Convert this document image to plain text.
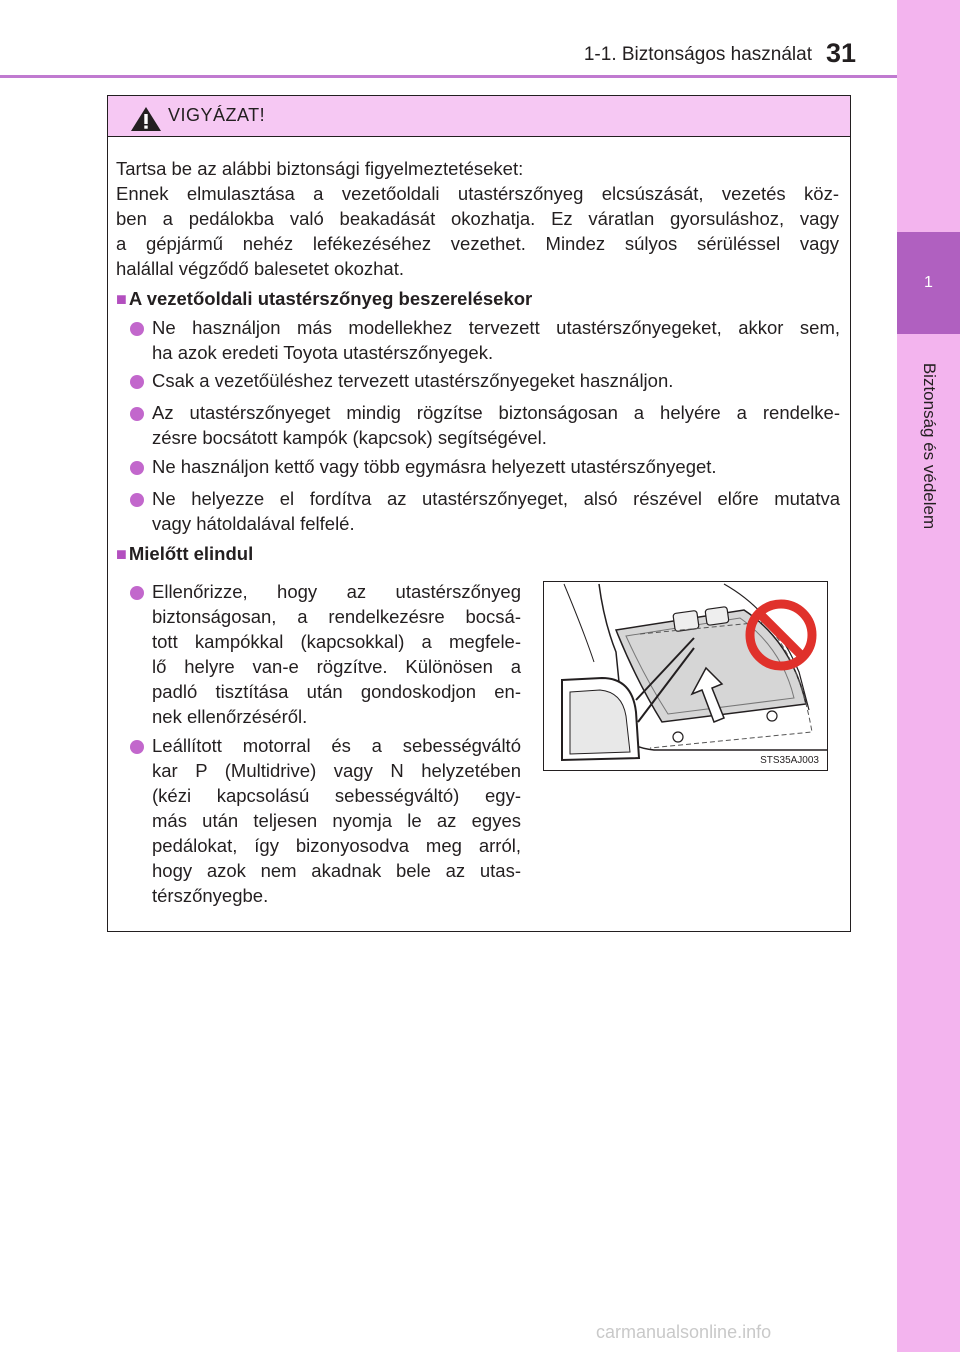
1
Biztonság és védelem
1-1. Biztonságos használat 31
VIGYÁZAT!
Tartsa be az alábbi biztonsági figyelmeztetéseket:
Ennek elmulasztása a vezetőoldali utastérszőnyeg elcsúszását, vezetés köz-
ben a pedálokba való beakadását okozhatja. Ez váratlan gyorsuláshoz, vagy
a gépjármű nehéz lefékezéséhez vezethet. Mindez súlyos sérüléssel vagy
halállal végződő balesetet okozhat.
■ A vezetőoldali utastérszőnyeg beszerelésekor
Ne használjon más modellekhez tervezett utastérszőnyegeket, akkor sem,
ha azok eredeti Toyota utastérszőnyegek.
Csak a vezetőüléshez tervezett utastérszőnyegeket használjon.
Az utastérszőnyeget mindig rögzítse biztonságosan a helyére a rendelke-
zésre bocsátott kampók (kapcsok) segítségével.
Ne használjon kettő vagy több egymásra helyezett utastérszőnyeget.
Ne helyezze el fordítva az utastérszőnyeget, alsó részével előre mutatva
vagy hátoldalával felfelé.
■ Mielőtt elindul
Ellenőrizze, hogy az utastérszőnyeg
biztonságosan, a rendelkezésre bocsá-
tott kampókkal (kapcsokkal) a megfele-
lő helyre van-e rögzítve. Különösen a
padló tisztítása után gondoskodjon en-
nek ellenőrzéséről.
Leállított motorral és a sebességváltó
kar P (Multidrive) vagy N helyzetében
(kézi kapcsolású sebességváltó) egy-
más után teljesen nyomja le az egyes
pedálokat, így bizonyosodva meg arról,
hogy azok nem akadnak bele az utas-
térszőnyegbe.
STS35AJ003
carmanualsonline.info
